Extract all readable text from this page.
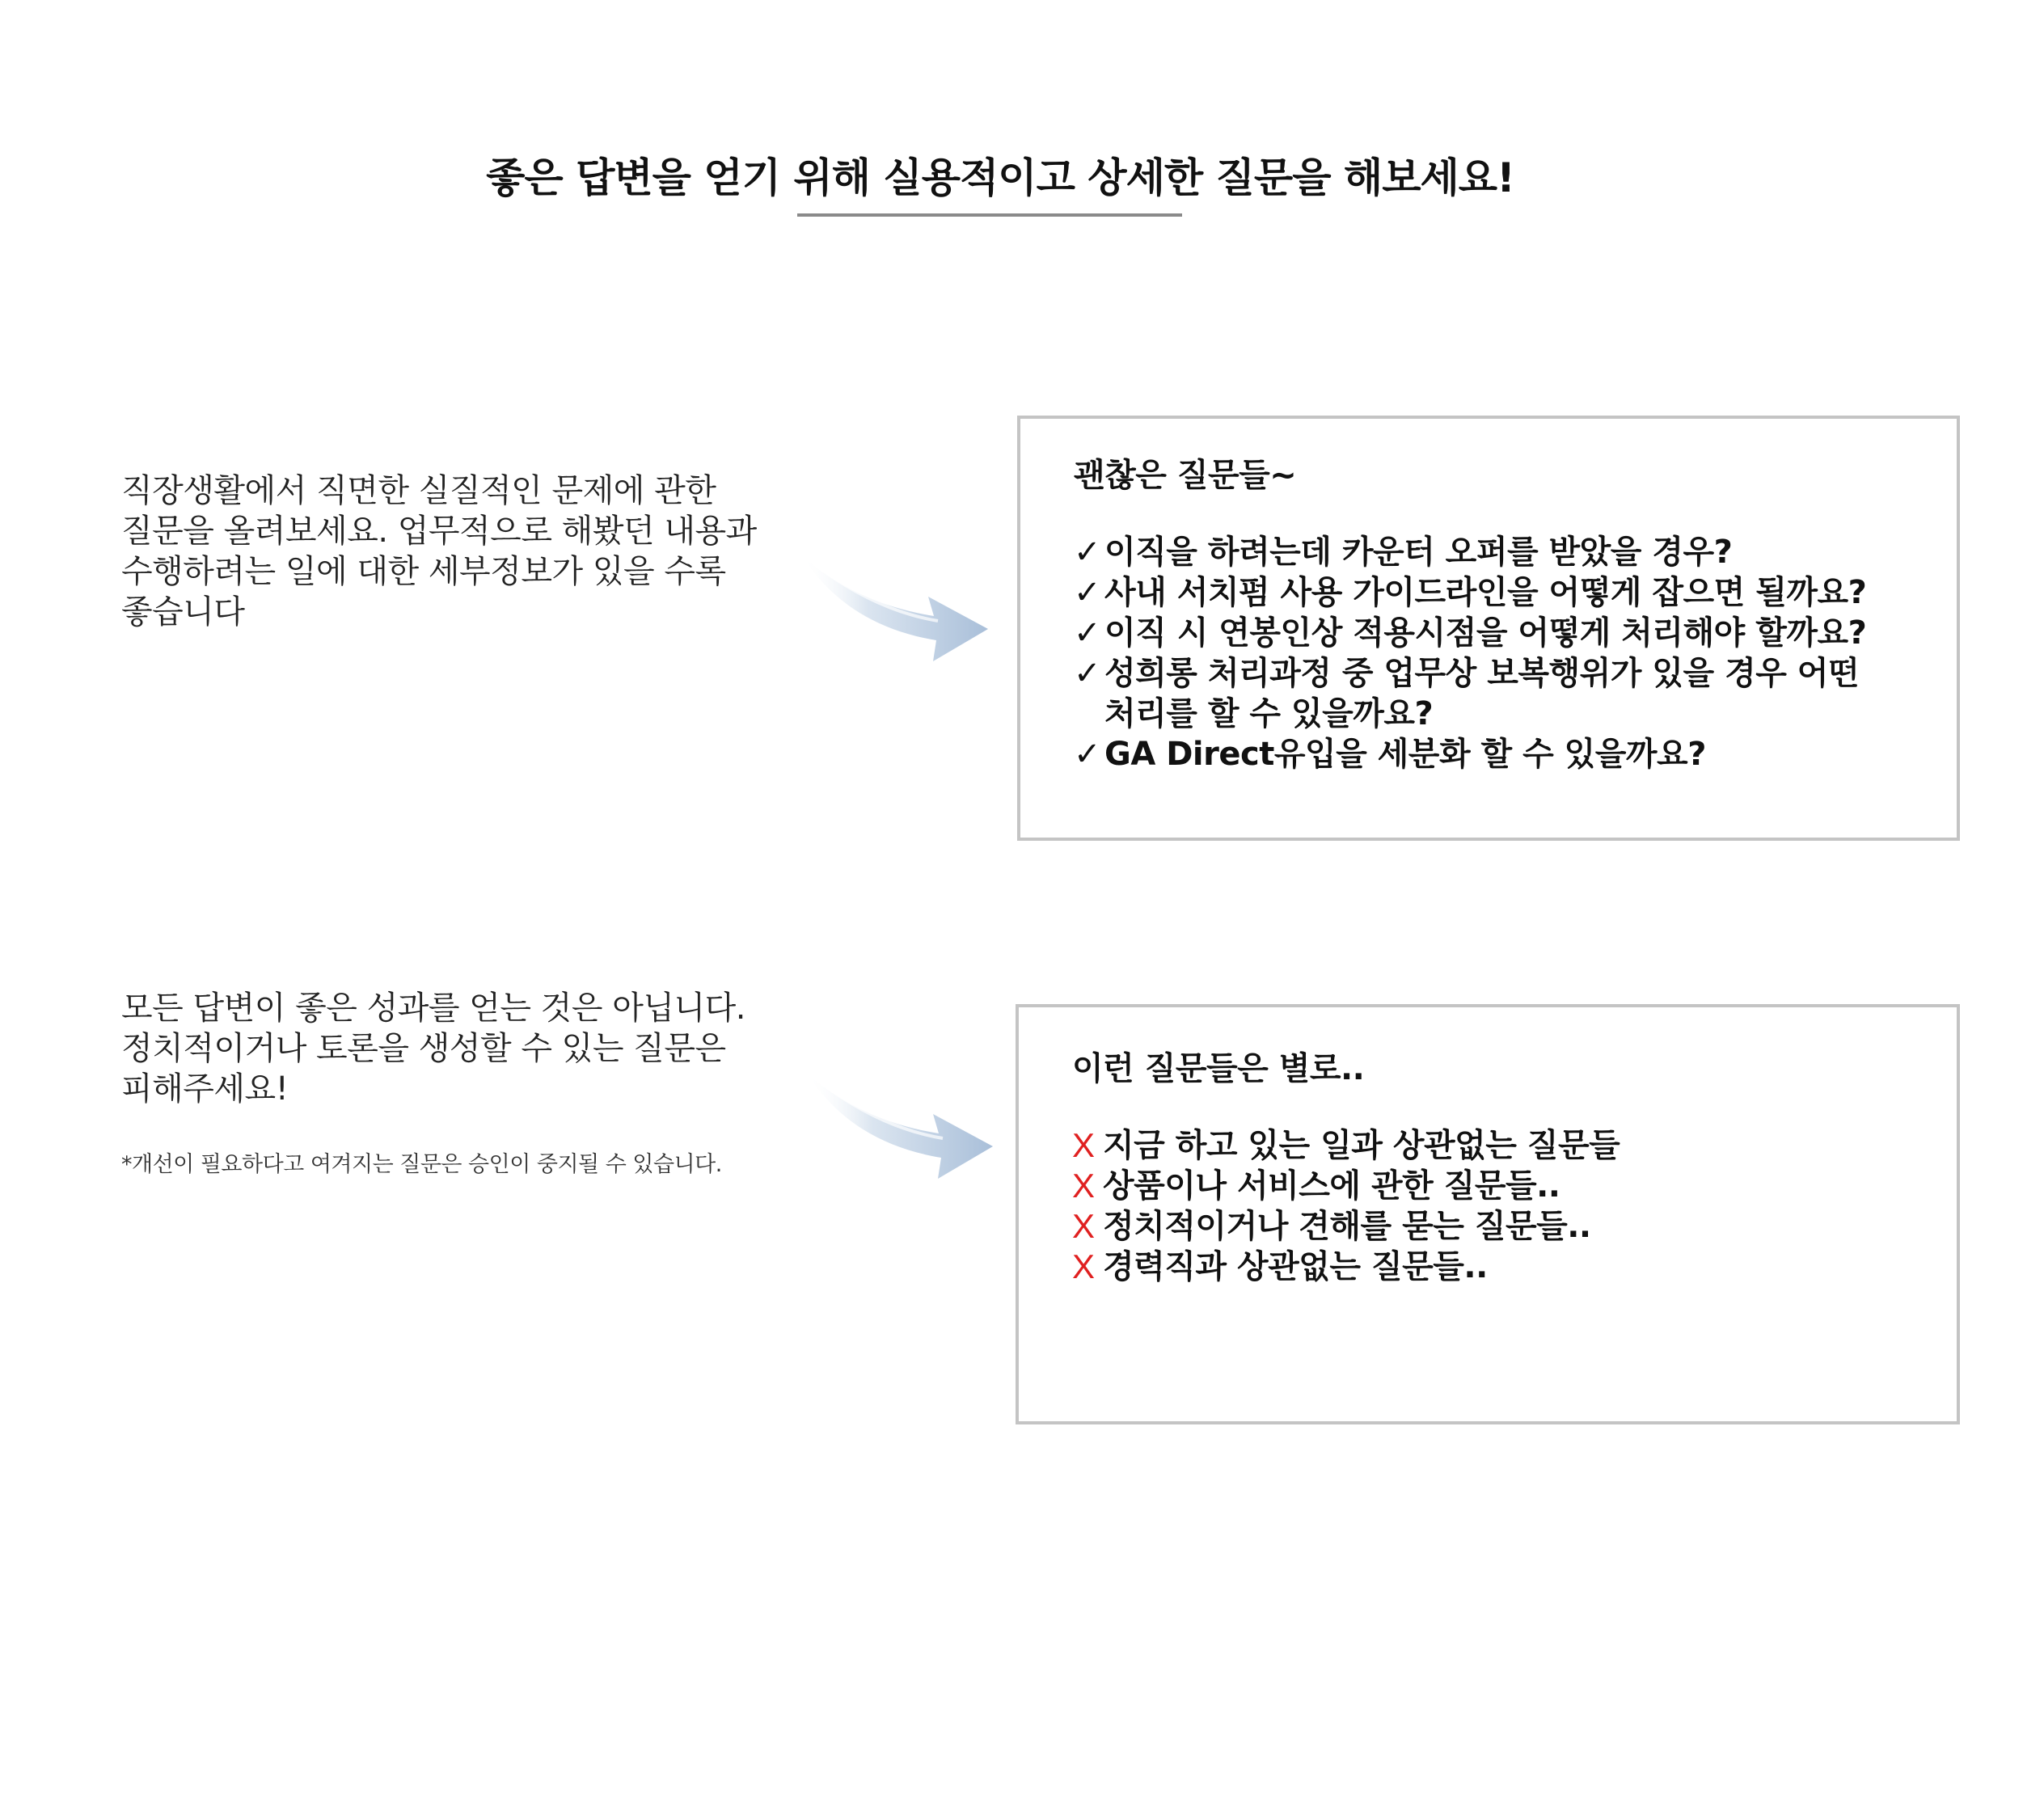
좋은 답변을 얻기 위해 실용적이고 상세한 질문을 해보세요!

직장생활에서 직면한 실질적인 문제에 관한

질문을 올려보세요. 업무적으로 해봤던 내용과

수행하려는 일에 대한 세부정보가 있을 수록

좋습니다

괜찮은 질문들~
✓ 이직을 하려는데 카운터 오퍼를 받았을 경우?
✓ 사내 서치펌 사용 가이드라인을 어떻게 잡으면 될까요?
✓ 이직 시 연봉인상 적용시점을 어떻게 처리해야 할까요?
✓ 성희롱 처리과정 중 업무상 보복행위가 있을 경우 어떤
처리를 할 수 있을까요?
✓ GA Direct유입을 세분화 할 수 있을까요?

모든 답변이 좋은 성과를 얻는 것은 아닙니다.

정치적이거나 토론을 생성할 수 있는 질문은

피해주세요!

*개선이 필요하다고 여겨지는 질문은 승인이 중지될 수 있습니다.
이런 질문들은 별로..
X 지금 하고 있는 일과 상관없는 질문들
X 상품이나 서비스에 관한 질문들..
X 정치적이거나 견해를 묻는 질문들..
X 경력직과 상관없는 질문들..
